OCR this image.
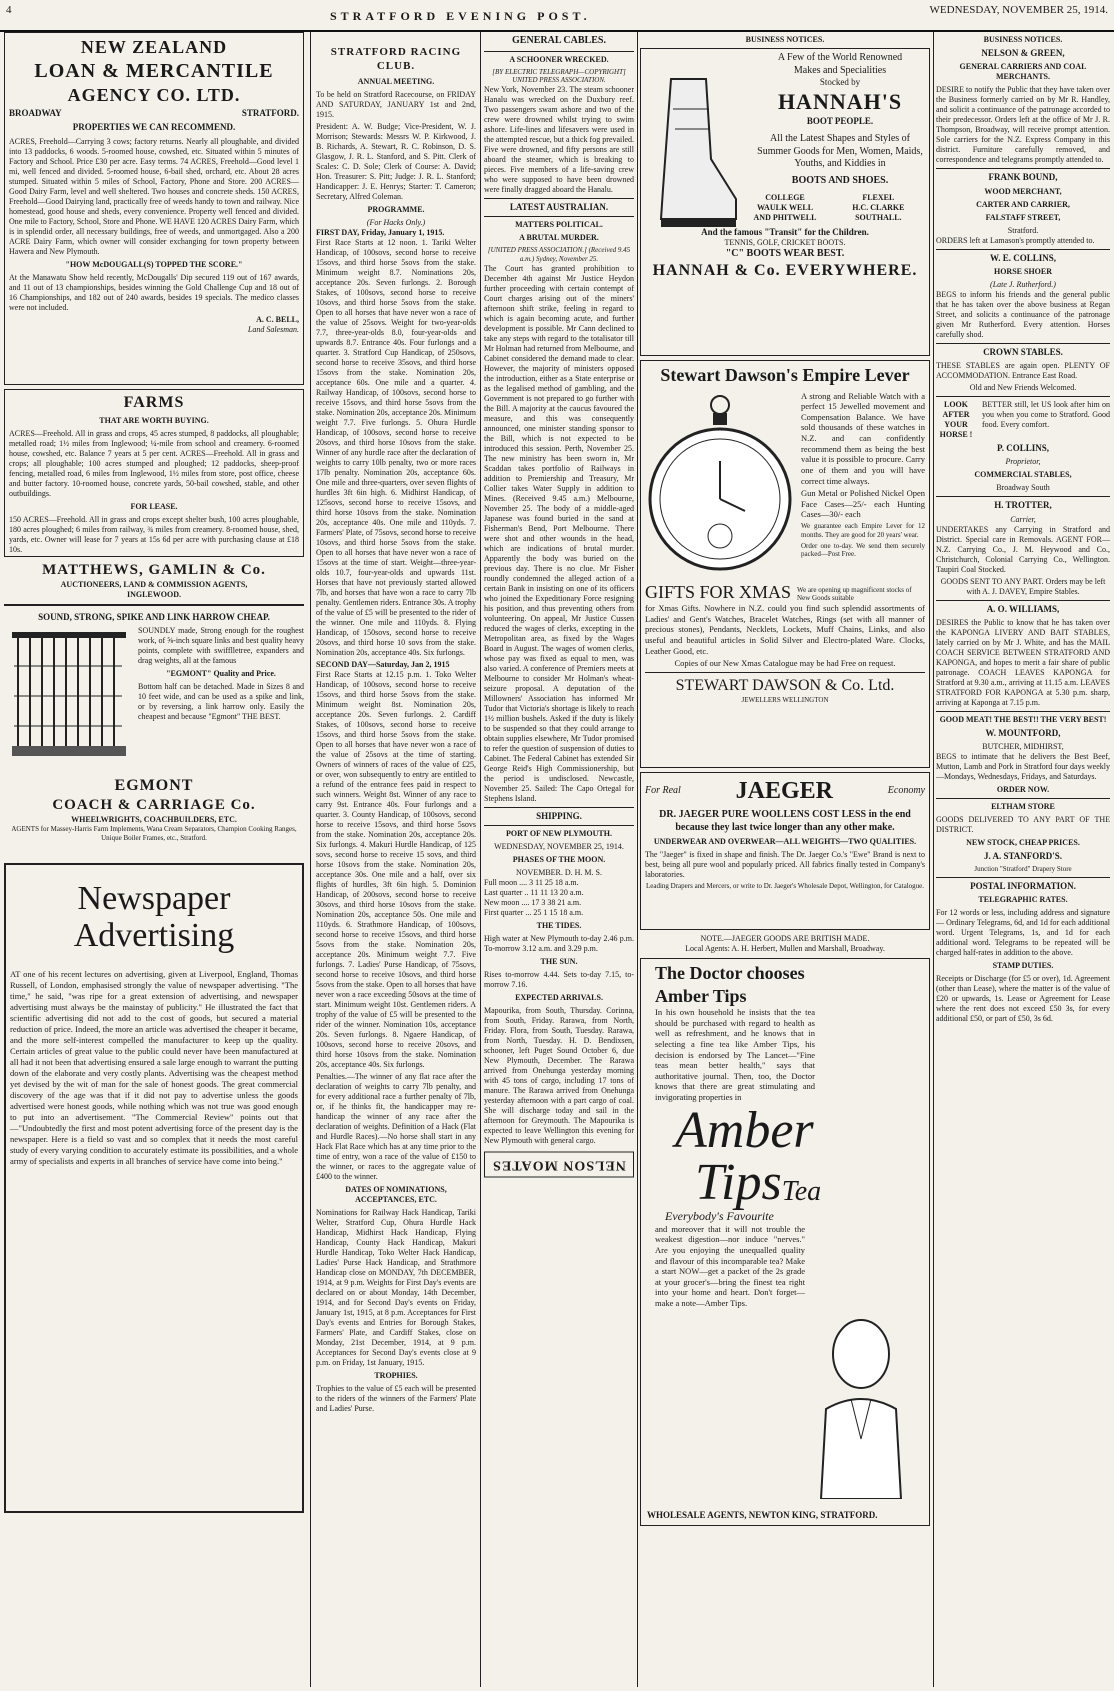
4	STRATFORD EVENING POST.	WEDNESDAY, NOVEMBER 25, 1914.
NEW ZEALAND
LOAN & MERCANTILE
AGENCY CO. LTD.
BROADWAY	STRATFORD.
PROPERTIES WE CAN RECOMMEND.

ACRES, Freehold—Carrying 3 cows; factory returns. Nearly all ploughable, and divided into 13 paddocks, 6 woods. 5-roomed house, cowshed, etc. Situated within 5 minutes of Factory and School. Price £30 per acre. Easy terms. 74 ACRES, Freehold—Good level 1 mi, well fenced and divided. 5-roomed house, 6-bail shed, orchard, etc. About 28 acres stumped. Situated within 5 miles of School, Factory, Phone and Store. 200 ACRES—Good Dairy Farm, level and well sheltered. Two houses and concrete sheds. 150 ACRES, Freehold—Good Dairying land, practically free of weeds handy to town and railway. Nice homestead, good house and sheds, every convenience. Property well fenced and divided. One mile to Factory, School, Store and Phone. WE HAVE 120 ACRES Dairy Farm, which is in splendid order, all necessary buildings, free of weeds, and unmortgaged. Also a 200 ACRE Dairy Farm, which owner will consider exchanging for town property between Hawera and New Plymouth.

"HOW McDOUGALL(S) TOPPED THE SCORE."

At the Manawatu Show held recently, McDougalls' Dip secured 119 out of 167 awards, and 11 out of 13 championships, besides winning the Gold Challenge Cup and 18 out of 16 Championships, and 182 out of 240 awards, besides 19 specials. The medico classes were not included.

A. C. BELL,
Land Salesman.
FARMS
THAT ARE WORTH BUYING.

ACRES—Freehold. All in grass and crops, 45 acres stumped, 8 paddocks, all ploughable; metalled road; 1½ miles from Inglewood; ¼-mile from school and creamery. 6-roomed house, cowshed, etc. Balance 7 years at 5 per cent. ACRES—Freehold. All in grass and crops; all ploughable; 100 acres stumped and ploughed; 12 paddocks, sheep-proof fencing, metalled road, 6 miles from Inglewood, 1½ miles from store, post office, cheese and butter factory. 10-roomed house, concrete yards, 50-bail cowshed, stable, and other outbuildings.

FOR LEASE.

150 ACRES—Freehold. All in grass and crops except shelter bush, 100 acres ploughable, 180 acres ploughed; 6 miles from railway, ¾ miles from creamery. 8-roomed house, shed, yards, etc. Owner will lease for 7 years at 15s 6d per acre with purchasing clause at £18 10s.

MATTHEWS, GAMLIN & Co.
AUCTIONEERS, LAND & COMMISSION AGENTS,
INGLEWOOD.
SOUND, STRONG, SPIKE AND LINK HARROW CHEAP.

SOUNDLY made, Strong enough for the roughest work, of ⅝-inch square links and best quality heavy points, complete with swifflletree, expanders and drag weights, all at the famous

"EGMONT" Quality and Price.

Bottom half can be detached. Made in Sizes 8 and 10 feet wide, and can be used as a spike and link, or by reversing, a link harrow only. Easily the cheapest and because "Egmont" THE BEST.

EGMONT
COACH & CARRIAGE Co.
WHEELWRIGHTS, COACHBUILDERS, ETC.
AGENTS for Massey-Harris Farm Implements, Wana Cream Separators, Champion Cooking Ranges, Unique Boiler Frames, etc., Stratford.
Newspaper
Advertising

AT one of his recent lectures on advertising, given at Liverpool, England, Thomas Russell, of London, emphasised strongly the value of newspaper advertising. "The time," he said, "was ripe for a great extension of advertising, and newspaper advertising must always be the mainstay of publicity." He illustrated the fact that scientific advertising did not add to the cost of goods, but secured a material reduction of price. Indeed, the more an article was advertised the cheaper it became, and the more self-interest compelled the manufacturer to keep up the quality. Certain articles of great value to the public could never have been manufactured at all had it not been that advertising ensured a sale large enough to warrant the putting down of the elaborate and very costly plants. Advertising was the cheapest method yet devised by the wit of man for the sale of honest goods. The great commercial discovery of the age was that if it did not pay to advertise unless the goods advertised were honest goods, while nothing which was not true was good enough to put into an advertisement. "The Commercial Review" points out that—"Undoubtedly the first and most potent advertising force of the present day is the newspaper. Here is a field so vast and so complex that it needs the most careful study of every varying condition to accurately estimate its possibilities, and a whole army of specialists and experts in all branches of service have come into being."

STRATFORD RACING CLUB.
ANNUAL MEETING.

To be held on Stratford Racecourse, on FRIDAY AND SATURDAY, JANUARY 1st and 2nd, 1915.

President: A. W. Budge; Vice-President, W. J. Morrison; Stewards: Messrs W. P. Kirkwood, J. B. Richards, A. Stewart, R. C. Robinson, D. S. Glasgow, J. R. L. Stanford, and S. Pitt. Clerk of Scales: C. D. Sole; Clerk of Course: A. David; Hon. Treasurer: S. Pitt; Judge: J. R. L. Stanford; Handicapper: J. E. Henrys; Starter: T. Cameron; Secretary, Alfred Coleman.

PROGRAMME.
(For Hacks Only.)
FIRST DAY, Friday, January 1, 1915.

First Race Starts at 12 noon. 1. Tariki Welter Handicap, of 100sovs, second horse to receive 15sovs, and third horse 5sovs from the stake. Minimum weight 8.7. Nominations 20s, acceptance 20s. Seven furlongs. 2. Borough Stakes, of 100sovs, second horse to receive 10sovs, and third horse 5sovs from the stake. Open to all horses that have never won a race of the value of 25sovs. Weight for two-year-olds 7.7, three-year-olds 8.0, four-year-olds and upwards 8.7. Entrance 40s. Four furlongs and a quarter. 3. Stratford Cup Handicap, of 250sovs, second horse to receive 35sovs, and third horse 15sovs from the stake. Nomination 20s, acceptance 60s. One mile and a quarter. 4. Railway Handicap, of 100sovs, second horse to receive 15sovs, and third horse 5sovs from the stake. Nomination 20s, acceptance 20s. Minimum weight 7.7. Five furlongs. 5. Ohura Hurdle Handicap, of 100sovs, second horse to receive 20sovs, and third horse 10sovs from the stake. Winner of any hurdle race after the declaration of weights to carry 10lb penalty, two or more races 17lb penalty. Nomination 20s, acceptance 60s. One mile and three-quarters, over seven flights of hurdles 3ft 6in high. 6. Midhirst Handicap, of 125sovs, second horse to receive 15sovs, and third horse 10sovs from the stake. Nomination 20s, acceptance 40s. One mile and 110yds. 7. Farmers' Plate, of 75sovs, second horse to receive 10sovs, and third horse 5sovs from the stake. Open to all horses that have never won a race of 15sovs at the time of start. Weight—three-year-olds 10.7, four-year-olds and upwards 11st. Horses that have not previously started allowed 7lb, and horses that have won a race to carry 7lb penalty. Gentlemen riders. Entrance 30s. A trophy of the value of £5 will be presented to the rider of the winner. One mile and 110yds. 8. Flying Handicap, of 150sovs, second horse to receive 20sovs, and third horse 10 sovs from the stake. Nomination 20s, acceptance 40s. Six furlongs.

SECOND DAY—Saturday, Jan 2, 1915

First Race Starts at 12.15 p.m. 1. Toko Welter Handicap, of 100sovs, second horse to receive 15sovs, and third horse 5sovs from the stake. Minimum weight 8st. Nomination 20s, acceptance 20s. Seven furlongs. 2. Cardiff Stakes, of 100sovs, second horse to receive 15sovs, and third horse 5sovs from the stake. Open to all horses that have never won a race of the value of 25sovs at the time of starting. Owners of winners of races of the value of £25, or over, won subsequently to entry are entitled to a refund of the entrance fees paid in respect to such winners. Weight 8st. Winner of any race to carry 9st. Entrance 40s. Four furlongs and a quarter. 3. County Handicap, of 100sovs, second horse to receive 15sovs, and third horse 5sovs from the stake. Nomination 20s, acceptance 20s. Six furlongs. 4. Makuri Hurdle Handicap, of 125 sovs, second horse to receive 15 sovs, and third horse 10sovs from the stake. Nomination 20s, acceptance 30s. One mile and a half, over six flights of hurdles, 3ft 6in high. 5. Dominion Handicap, of 200sovs, second horse to receive 30sovs, and third horse 10sovs from the stake. Nomination 20s, acceptance 50s. One mile and 110yds. 6. Strathmore Handicap, of 100sovs, second horse to receive 15sovs, and third horse 5sovs from the stake. Nomination 20s, acceptance 20s. Minimum weight 7.7. Five furlongs. 7. Ladies' Purse Handicap, of 75sovs, second horse to receive 10sovs, and third horse 5sovs from the stake. Open to all horses that have never won a race exceeding 50sovs at the time of start. Minimum weight 10st. Gentlemen riders. A trophy of the value of £5 will be presented to the rider of the winner. Nomination 10s, acceptance 20s. Seven furlongs. 8. Ngaere Handicap, of 100sovs, second horse to receive 20sovs, and third horse 10sovs from the stake. Nomination 20s, acceptance 40s. Six furlongs.

Penalties.—The winner of any flat race after the declaration of weights to carry 7lb penalty, and for every additional race a further penalty of 7lb, or, if he thinks fit, the handicapper may re-handicap the winner of any race after the declaration of weights. Definition of a Hack (Flat and Hurdle Races).—No horse shall start in any Hack Flat Race which has at any time prior to the time of entry, won a race of the value of £150 to the winner, or races to the aggregate value of £400 to the winner.

DATES OF NOMINATIONS, ACCEPTANCES, ETC.

Nominations for Railway Hack Handicap, Tariki Welter, Stratford Cup, Ohura Hurdle Hack Handicap, Midhirst Hack Handicap, Flying Handicap, County Hack Handicap, Makuri Hurdle Handicap, Toko Welter Hack Handicap, Ladies' Purse Hack Handicap, and Strathmore Handicap close on MONDAY, 7th DECEMBER, 1914, at 9 p.m. Weights for First Day's events are declared on or about Monday, 14th December, 1914, and for Second Day's events on Friday, January 1st, 1915, at 8 p.m. Acceptances for First Day's events and Entries for Borough Stakes, Farmers' Plate, and Cardiff Stakes, close on Monday, 21st December, 1914, at 9 p.m. Acceptances for Second Day's events close at 9 p.m. on Friday, 1st January, 1915.

TROPHIES.

Trophies to the value of £5 each will be presented to the riders of the winners of the Farmers' Plate and Ladies' Purse.

GENERAL CABLES.
A SCHOONER WRECKED.
[BY ELECTRIC TELEGRAPH—COPYRIGHT] UNITED PRESS ASSOCIATION.

New York, November 23. The steam schooner Hanalu was wrecked on the Duxbury reef. Two passengers swam ashore and two of the crew were drowned whilst trying to swim ashore. Life-lines and lifesavers were used in the attempted rescue, but a thick fog prevailed. Five were drowned, and fifty persons are still aboard the steamer, which is breaking to pieces. Five members of a life-saving crew who were supposed to have been drowned were finally dragged aboard the Hanalu.

LATEST AUSTRALIAN.
MATTERS POLITICAL.
A BRUTAL MURDER.
[UNITED PRESS ASSOCIATION.] (Received 9.45 a.m.) Sydney, November 25.

The Court has granted prohibition to December 4th against Mr Justice Heydon further proceeding with certain contempt of Court charges arising out of the miners' afternoon shift strike, feeling in regard to which is again becoming acute, and further development is possible. Mr Cann declined to take any steps with regard to the totalisator till Mr Holman had returned from Melbourne, and Cabinet considered the demand made to clear. However, the majority of ministers opposed the introduction, either as a State enterprise or as the legalised method of gambling, and the Government is not prepared to go further with the Bill. A majority at the caucus favoured the measure, and this was consequently announced, one minister standing sponsor to the Bill, which is not expected to be introduced this session. Perth, November 25. The new ministry has been sworn in, Mr Scaddan takes portfolio of Railways in addition to Premiership and Treasury, Mr Collier takes Water Supply in addition to Mines. (Received 9.45 a.m.) Melbourne, November 25. The body of a middle-aged Japanese was found buried in the sand at Fisherman's Bend, Port Melbourne. There were shot and other wounds in the head, which are indications of brutal murder. Apparently the body was buried on the previous day. There is no clue. Mr Fisher roundly condemned the alleged action of a certain Bank in insisting on one of its officers who joined the Expeditionary Force resigning his position, and thus preventing others from volunteering. On appeal, Mr Justice Cussen reduced the wages of clerks, excepting in the Metropolitan area, as fixed by the Wages Board in August. The wages of women clerks, whose pay was fixed as equal to men, was also varied. A conference of Premiers meets at Melbourne to consider Mr Holman's wheat-seizure proposal. A deputation of the Millowners' Association has informed Mr Tudor that Victoria's shortage is likely to reach 1½ million bushels. Asked if the duty is likely to be suspended so that they could arrange to obtain supplies elsewhere, Mr Tudor promised to refer the question of suspension of duties to Cabinet. The Federal Cabinet has extended Sir George Reid's High Commissionership, but the period is undisclosed. Newcastle, November 25. Sailed: The Capo Ortegal for Stephens Island.

SHIPPING.
PORT OF NEW PLYMOUTH.
WEDNESDAY, NOVEMBER 25, 1914.
PHASES OF THE MOON.
NOVEMBER. D. H. M. S.
Full moon .... 3 11 25 18 a.m.
Last quarter .. 11 11 13 20 a.m.
New moon .... 17 3 38 21 a.m.
First quarter ... 25 1 15 18 a.m.
THE TIDES.

High water at New Plymouth to-day 2.46 p.m. To-morrow 3.12 a.m. and 3.29 p.m.

THE SUN.

Rises to-morrow 4.44. Sets to-day 7.15, to-morrow 7.16.

EXPECTED ARRIVALS.

Mapourika, from South, Thursday. Corinna, from South, Friday. Rarawa, from North, Friday. Flora, from South, Tuesday. Rarawa, from North, Tuesday. H. D. Bendixsen, schooner, left Puget Sound October 6, due New Plymouth, December. The Rarawa arrived from Onehunga yesterday morning with 45 tons of cargo, including 17 tons of manure. The Rarawa arrived from Onehunga yesterday afternoon with a part cargo of coal. She will discharge today and sail in the afternoon for Greymouth. The Mapourika is expected to leave Wellington this evening for New Plymouth with general cargo.

NELSON MOATES
BUSINESS NOTICES.
A Few of the World Renowned
Makes and Specialities
Stocked by
HANNAH'S
BOOT PEOPLE.
All the Latest Shapes and Styles of Summer Goods for Men, Women, Maids, Youths, and Kiddies in
BOOTS AND SHOES.
COLLEGE	FLEXEL
WAULK WELL	H.C. CLARKE
AND PHITWELL	SOUTHALL.
And the famous "Transit" for the Children.
TENNIS, GOLF, CRICKET BOOTS.
"C" BOOTS WEAR BEST.
HANNAH & Co. EVERYWHERE.
Stewart Dawson's Empire Lever

A strong and Reliable Watch with a perfect 15 Jewelled movement and Compensation Balance. We have sold thousands of these watches in N.Z. and can confidently recommend them as being the best value it is possible to procure. Carry one of them and you will have correct time always.

Gun Metal or Polished Nickel Open Face Cases—25/- each Hunting Cases—30/- each

We guarantee each Empire Lever for 12 months. They are good for 20 years' wear.

Order one to-day. We send them securely packed—Post Free.

GIFTS FOR XMAS We are opening up magnificent stocks of New Goods suitable

for Xmas Gifts. Nowhere in N.Z. could you find such splendid assortments of Ladies' and Gent's Watches, Bracelet Watches, Rings (set with all manner of precious stones), Pendants, Necklets, Lockets, Muff Chains, Links, and also useful and beautiful articles in Solid Silver and Electro-plated Ware. Clocks, Leather Good, etc.

Copies of our New Xmas Catalogue may be had Free on request.

STEWART DAWSON & Co. Ltd.
JEWELLERS WELLINGTON
For Real JAEGER	Economy
DR. JAEGER PURE WOOLLENS COST LESS in the end because they last twice longer than any other make.
UNDERWEAR AND OVERWEAR—ALL WEIGHTS—TWO QUALITIES.

The "Jaeger" is fixed in shape and finish. The Dr. Jaeger Co.'s "Ewe" Brand is next to best, being all pure wool and popularly priced. All fabrics finally tested in Company's laboratories.

Leading Drapers and Mercers, or write to Dr. Jaeger's Wholesale Depot, Wellington, for Catalogue.

NOTE.—JAEGER GOODS ARE BRITISH MADE.
Local Agents: A. H. Herbert, Mullen and Marshall, Broadway.
The Doctor chooses
Amber Tips

In his own household he insists that the tea should be purchased with regard to health as well as refreshment, and he knows that in selecting a fine tea like Amber Tips, his decision is endorsed by The Lancet—"Fine teas mean better health," says that authoritative journal. Then, too, the Doctor knows that there are great stimulating and invigorating properties in

Amber
Tips Tea
Everybody's Favourite

and moreover that it will not trouble the weakest digestion—nor induce "nerves." Are you enjoying the unequalled quality and flavour of this incomparable tea? Make a start NOW—get a packet of the 2s grade at your grocer's—bring the finest tea right into your home and heart. Don't forget—make a note—Amber Tips.

WHOLESALE AGENTS, NEWTON KING, STRATFORD.
BUSINESS NOTICES.
NELSON & GREEN,
GENERAL CARRIERS AND COAL MERCHANTS.

DESIRE to notify the Public that they have taken over the Business formerly carried on by Mr R. Handley, and solicit a continuance of the patronage accorded to their predecessor. Orders left at the office of Mr J. R. Thompson, Broadway, will receive prompt attention. Sole carriers for the N.Z. Express Company in this district. Furniture carefully removed, and correspondence and telegrams promptly attended to.

FRANK BOUND,
WOOD MERCHANT,
CARTER AND CARRIER,
FALSTAFF STREET,
Stratford.

ORDERS left at Lamason's promptly attended to.

W. E. COLLINS,
HORSE SHOER
(Late J. Rutherford.)

BEGS to inform his friends and the general public that he has taken over the above business at Regan Street, and solicits a continuance of the patronage given Mr Rutherford. Every attention. Horses carefully shod.

CROWN STABLES.

THESE STABLES are again open. PLENTY OF ACCOMMODATION. Entrance East Road.

Old and New Friends Welcomed.
LOOK
AFTER
YOUR
HORSE !

BETTER still, let US look after him on you when you come to Stratford. Good food. Every comfort.

P. COLLINS,
Proprietor,
COMMERCIAL STABLES,
Broadway South
H. TROTTER,
Carrier,

UNDERTAKES any Carrying in Stratford and District. Special care in Removals. AGENT FOR—N.Z. Carrying Co., J. M. Heywood and Co., Christchurch, Colonial Carrying Co., Wellington. Taupiri Coal Stocked.

GOODS SENT TO ANY PART. Orders may be left with A. J. DAVEY, Empire Stables.

A. O. WILLIAMS,

DESIRES the Public to know that he has taken over the KAPONGA LIVERY AND BAIT STABLES, lately carried on by Mr J. White, and has the MAIL COACH SERVICE BETWEEN STRATFORD AND KAPONGA, and hopes to merit a fair share of public patronage. COACH LEAVES KAPONGA for Stratford at 9.30 a.m., arriving at 11.15 a.m. LEAVES STRATFORD FOR KAPONGA at 5.30 p.m. sharp, arriving at Kaponga at 7.15 p.m.

GOOD MEAT! THE BEST!! THE VERY BEST!
W. MOUNTFORD,
BUTCHER, MIDHIRST,

BEGS to intimate that he delivers the Best Beef, Mutton, Lamb and Pork in Stratford four days weekly—Mondays, Wednesdays, Fridays, and Saturdays.

ORDER NOW.
ELTHAM STORE

GOODS DELIVERED TO ANY PART OF THE DISTRICT.

NEW STOCK, CHEAP PRICES.
J. A. STANFORD'S.
Junction "Stratford" Drapery Store
POSTAL INFORMATION.
TELEGRAPHIC RATES.

For 12 words or less, including address and signature— Ordinary Telegrams, 6d, and 1d for each additional word. Urgent Telegrams, 1s, and 1d for each additional word. Telegrams to be repeated will be charged half-rates in addition to the above.

STAMP DUTIES.

Receipts or Discharge (for £5 or over), 1d. Agreement (other than Lease), where the matter is of the value of £20 or upwards, 1s. Lease or Agreement for Lease where the rent does not exceed £50 3s, for every additional £50, or part of £50, 3s 6d.
